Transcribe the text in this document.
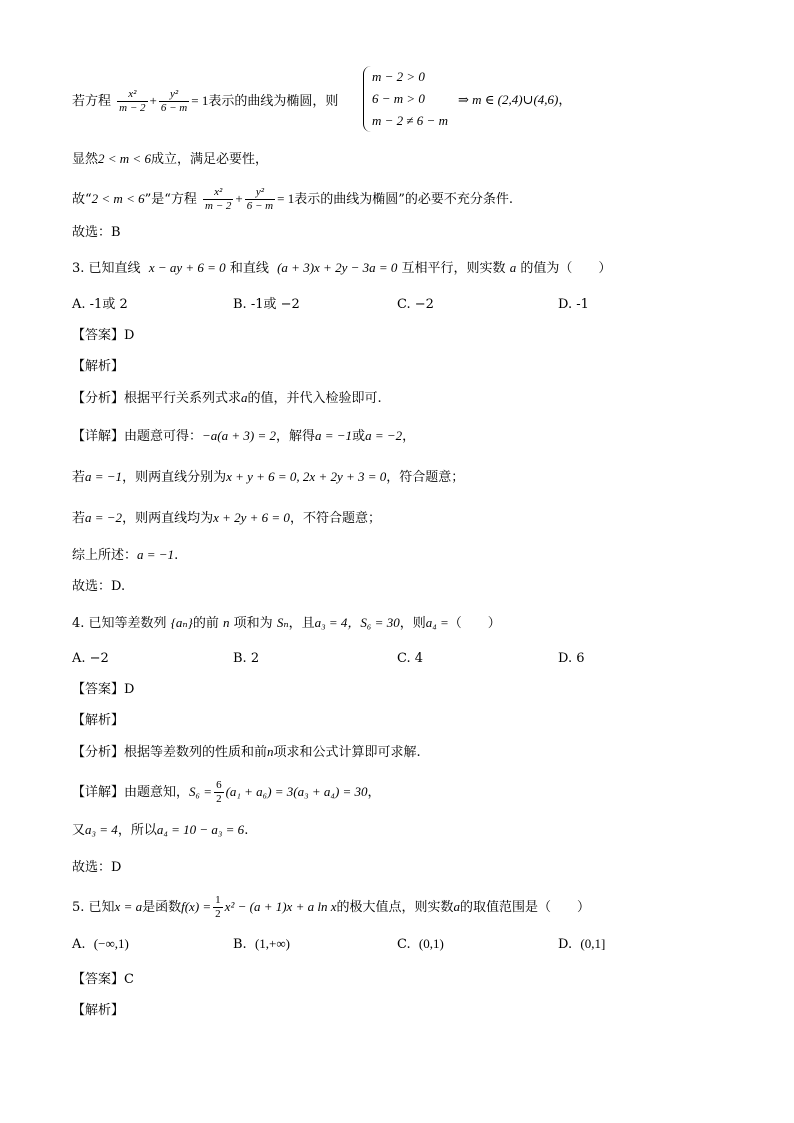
若方程 $\frac{\text{x²}}{m - 2} + \frac{\text{y²}}{6 - m} = 1$表示的曲线为椭圆，则
m − 2 > 0
6 − m > 0
m − 2 ≠ 6 − m
⇒ m ∈ (2,4)∪(4,6)，
显然2 < m < 6成立，满足必要性，
故“2 < m < 6”是“方程 $\frac{\text{x²}}{m - 2} + \frac{\text{y²}}{6 - m} = 1$表示的曲线为椭圆”的必要不充分条件.
故选：B
3. 已知直线 x − ay + 6 = 0 和直线 (a + 3)x + 2y − 3a = 0 互相平行，则实数 a 的值为（　　）
A. -1或 2	B. -1或 −2	C. −2	D. -1
【答案】D
【解析】
【分析】根据平行关系列式求a的值，并代入检验即可.
【详解】由题意可得：−a(a + 3) = 2，解得a = −1或a = −2，
若a = −1，则两直线分别为x + y + 6 = 0, 2x + 2y + 3 = 0，符合题意；
若a = −2，则两直线均为x + 2y + 6 = 0，不符合题意；
综上所述：a = −1.
故选：D.
4. 已知等差数列 {aₙ}的前 n 项和为 Sₙ，且a₃ = 4，S₆ = 30，则a₄ =（　　）
A. −2	B. 2	C. 4	D. 6
【答案】D
【解析】
【分析】根据等差数列的性质和前n项求和公式计算即可求解.
【详解】由题意知，$S_6 = \frac{6}{2} (a_1 + a_6) = 3(a_3 + a_4) = 30$，
又a₃ = 4，所以a₄ = 10 − a₃ = 6.
故选：D
5. 已知x = a是函数$f(x) = \frac{1}{2} x^2 - (a + 1)x + a$ ln x的极大值点，则实数a的取值范围是（　　）
A. (−∞,1)	B. (1,+∞)	C. (0,1)	D. (0,1]
【答案】C
【解析】
